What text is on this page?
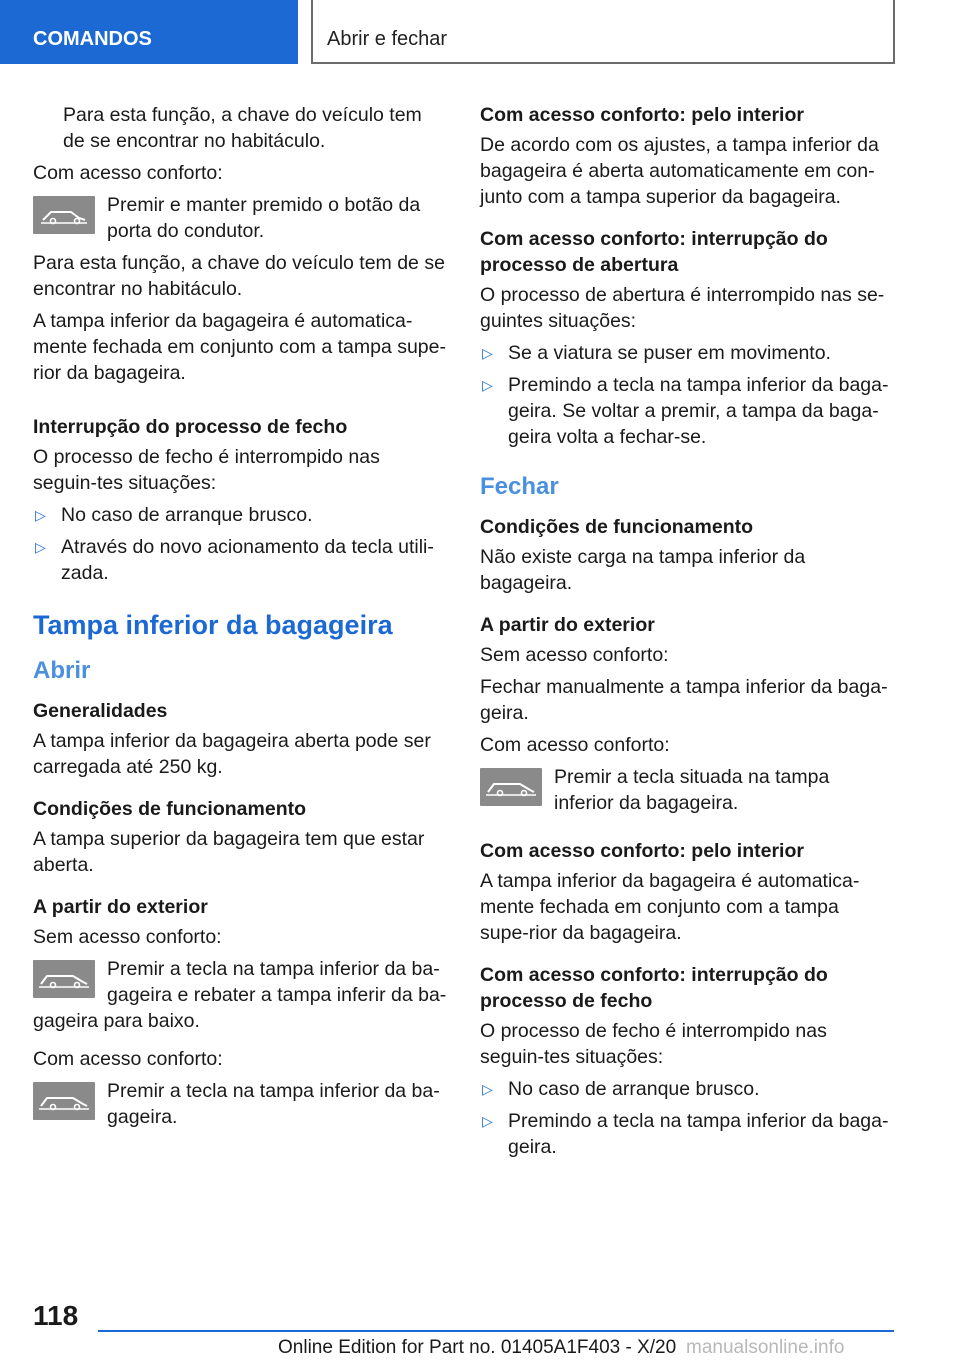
COMANDOS	Abrir e fechar

Para esta função, a chave do veículo tem de se encontrar no habitáculo.

Com acesso conforto:

Premir e manter premido o botão da porta do condutor.

Para esta função, a chave do veículo tem de se encontrar no habitáculo.

A tampa inferior da bagageira é automatica-mente fechada em conjunto com a tampa supe-rior da bagageira.

Interrupção do processo de fecho

O processo de fecho é interrompido nas seguin-tes situações:

▷ No caso de arranque brusco.
▷ Através do novo acionamento da tecla utili-zada.
Tampa inferior da bagageira
Abrir

Generalidades

A tampa inferior da bagageira aberta pode ser carregada até 250 kg.

Condições de funcionamento

A tampa superior da bagageira tem que estar aberta.

A partir do exterior

Sem acesso conforto:

Premir a tecla na tampa inferior da ba-gageira e rebater a tampa inferir da ba-gageira para baixo.

Com acesso conforto:

Premir a tecla na tampa inferior da ba-gageira.

Com acesso conforto: pelo interior

De acordo com os ajustes, a tampa inferior da bagageira é aberta automaticamente em con-junto com a tampa superior da bagageira.

Com acesso conforto: interrupção do processo de abertura

O processo de abertura é interrompido nas se-guintes situações:

▷ Se a viatura se puser em movimento.
▷ Premindo a tecla na tampa inferior da baga-geira. Se voltar a premir, a tampa da baga-geira volta a fechar-se.
Fechar

Condições de funcionamento

Não existe carga na tampa inferior da bagageira.

A partir do exterior

Sem acesso conforto:

Fechar manualmente a tampa inferior da baga-geira.

Com acesso conforto:

Premir a tecla situada na tampa inferior da bagageira.

Com acesso conforto: pelo interior

A tampa inferior da bagageira é automatica-mente fechada em conjunto com a tampa supe-rior da bagageira.

Com acesso conforto: interrupção do processo de fecho

O processo de fecho é interrompido nas seguin-tes situações:

▷ No caso de arranque brusco.
▷ Premindo a tecla na tampa inferior da baga-geira.
118
Online Edition for Part no. 01405A1F403 - X/20 manualsonline.info
